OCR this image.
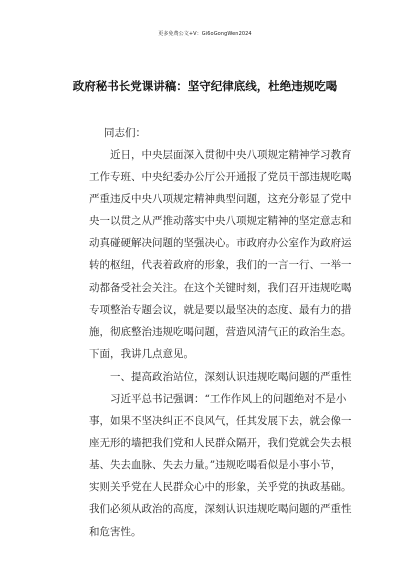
更多免费公文+V：Gi6oGongWen2024
政府秘书长党课讲稿：坚守纪律底线，杜绝违规吃喝
同志们：
近日，中央层面深入贯彻中央八项规定精神学习教育
工作专班、中央纪委办公厅公开通报了党员干部违规吃喝
严重违反中央八项规定精神典型问题，这充分彰显了党中
央一以贯之从严推动落实中央八项规定精神的坚定意志和
动真碰硬解决问题的坚强决心。市政府办公室作为政府运
转的枢纽，代表着政府的形象，我们的一言一行、一举一
动都备受社会关注。在这个关键时刻，我们召开违规吃喝
专项整治专题会议，就是要以最坚决的态度、最有力的措
施，彻底整治违规吃喝问题，营造风清气正的政治生态。
下面，我讲几点意见。
一、提高政治站位，深刻认识违规吃喝问题的严重性
习近平总书记强调：“工作作风上的问题绝对不是小
事，如果不坚决纠正不良风气，任其发展下去，就会像一
座无形的墙把我们党和人民群众隔开，我们党就会失去根
基、失去血脉、失去力量。”违规吃喝看似是小事小节，
实则关乎党在人民群众心中的形象，关乎党的执政基础。
我们必须从政治的高度，深刻认识违规吃喝问题的严重性
和危害性。
